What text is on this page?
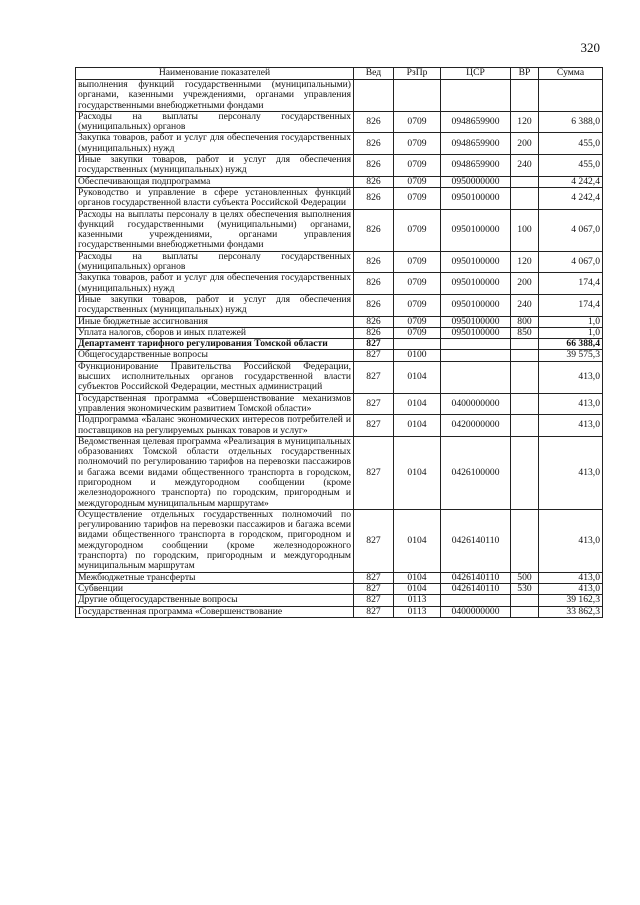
320
Наименование показателей	Вед	РзПр	ЦСР	ВР	Сумма
выполнения функций государственными (муниципальными) органами, казенными учреждениями, органами управления государственными внебюджетными фондами					
Расходы на выплаты персоналу государственных (муниципальных) органов	826	0709	0948659900	120	6 388,0
Закупка товаров, работ и услуг для обеспечения государственных (муниципальных) нужд	826	0709	0948659900	200	455,0
Иные закупки товаров, работ и услуг для обеспечения государственных (муниципальных) нужд	826	0709	0948659900	240	455,0
Обеспечивающая подпрограмма	826	0709	0950000000		4 242,4
Руководство и управление в сфере установленных функций органов государственной власти субъекта Российской Федерации	826	0709	0950100000		4 242,4
Расходы на выплаты персоналу в целях обеспечения выполнения функций государственными (муниципальными) органами, казенными учреждениями, органами управления государственными внебюджетными фондами	826	0709	0950100000	100	4 067,0
Расходы на выплаты персоналу государственных (муниципальных) органов	826	0709	0950100000	120	4 067,0
Закупка товаров, работ и услуг для обеспечения государственных (муниципальных) нужд	826	0709	0950100000	200	174,4
Иные закупки товаров, работ и услуг для обеспечения государственных (муниципальных) нужд	826	0709	0950100000	240	174,4
Иные бюджетные ассигнования	826	0709	0950100000	800	1,0
Уплата налогов, сборов и иных платежей	826	0709	0950100000	850	1,0
Департамент тарифного регулирования Томской области	827				66 388,4
Общегосударственные вопросы	827	0100			39 575,3
Функционирование Правительства Российской Федерации, высших исполнительных органов государственной власти субъектов Российской Федерации, местных администраций	827	0104			413,0
Государственная программа «Совершенствование механизмов управления экономическим развитием Томской области»	827	0104	0400000000		413,0
Подпрограмма «Баланс экономических интересов потребителей и поставщиков на регулируемых рынках товаров и услуг»	827	0104	0420000000		413,0
Ведомственная целевая программа «Реализация в муниципальных образованиях Томской области отдельных государственных полномочий по регулированию тарифов на перевозки пассажиров и багажа всеми видами общественного транспорта в городском, пригородном и междугородном сообщении (кроме железнодорожного транспорта) по городским, пригородным и междугородным муниципальным маршрутам»	827	0104	0426100000		413,0
Осуществление отдельных государственных полномочий по регулированию тарифов на перевозки пассажиров и багажа всеми видами общественного транспорта в городском, пригородном и междугородном сообщении (кроме железнодорожного транспорта) по городским, пригородным и междугородным муниципальным маршрутам	827	0104	0426140110		413,0
Межбюджетные трансферты	827	0104	0426140110	500	413,0
Субвенции	827	0104	0426140110	530	413,0
Другие общегосударственные вопросы	827	0113			39 162,3
Государственная программа «Совершенствование	827	0113	0400000000		33 862,3
